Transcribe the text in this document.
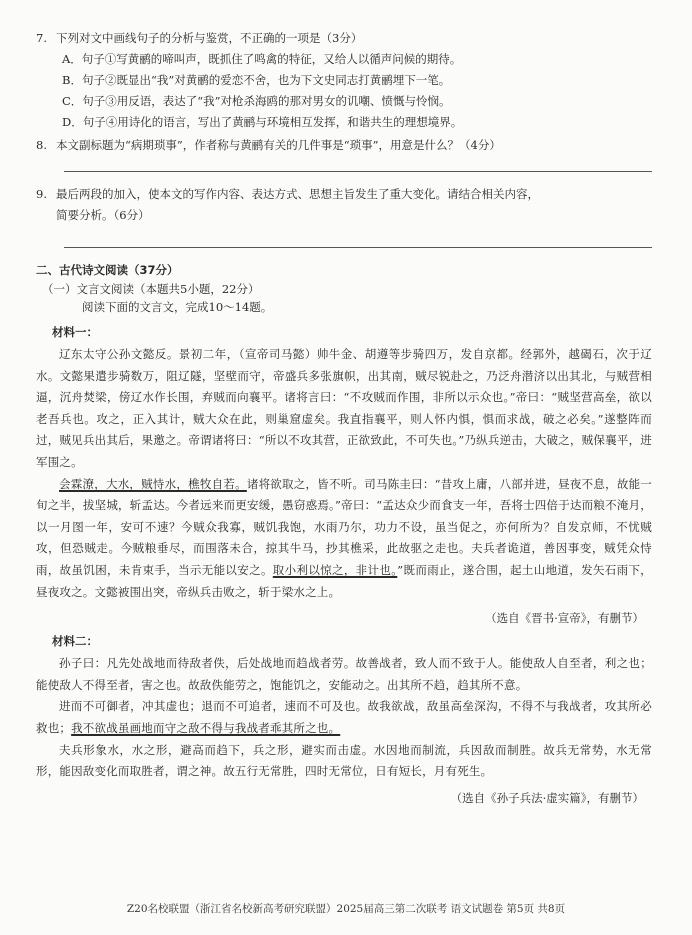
7. 下列对文中画线句子的分析与鉴赏，不正确的一项是（3分）
A．句子①写黄鹂的啼叫声，既抓住了鸣禽的特征，又给人以循声问候的期待。
B．句子②既显出“我”对黄鹂的爱恋不舍，也为下文史同志打黄鹂埋下一笔。
C．句子③用反语，表达了“我”对枪杀海鸥的那对男女的讥嘲、愤慨与怜悯。
D．句子④用诗化的语言，写出了黄鹂与环境相互发挥，和谐共生的理想境界。
8. 本文副标题为“病期琐事”，作者称与黄鹂有关的几件事是“琐事”，用意是什么？（4分）
9. 最后两段的加入，使本文的写作内容、表达方式、思想主旨发生了重大变化。请结合相关内容，
简要分析。（6分）
二、古代诗文阅读（37分）
（一）文言文阅读（本题共5小题，22分）
阅读下面的文言文，完成10～14题。
材料一：

辽东太守公孙文懿反。景初二年，（宣帝司马懿）帅牛金、胡遵等步骑四万，发自京都。经郭外，越碣石，次于辽水。文懿果遣步骑数万，阻辽隧，坚壁而守，帝盛兵多张旗帜，出其南，贼尽锐赴之，乃泛舟潜济以出其北，与贼营相逼，沉舟焚梁，傍辽水作长围，弃贼而向襄平。诸将言曰：“不攻贼而作围，非所以示众也。”帝曰：“贼坚营高垒，欲以老吾兵也。攻之，正入其计，贼大众在此，则巢窟虚矣。我直指襄平，则人怀内惧，惧而求战，破之必矣。”遂整阵而过，贼见兵出其后，果邀之。帝谓诸将曰：“所以不攻其营，正欲致此，不可失也。”乃纵兵逆击，大破之，贼保襄平，进军围之。

会霖潦，大水，贼恃水，樵牧自若。诸将欲取之，皆不听。司马陈圭曰：“昔攻上庸，八部并进，昼夜不息，故能一旬之半，拔坚城，斩孟达。今者远来而更安缓，愚窃惑焉。”帝曰：“孟达众少而食支一年，吾将士四倍于达而粮不淹月，以一月图一年，安可不速？今贼众我寡，贼饥我饱，水雨乃尔，功力不设，虽当促之，亦何所为？自发京师，不忧贼攻，但恐贼走。今贼粮垂尽，而围落未合，掠其牛马，抄其樵采，此故驱之走也。夫兵者诡道，善因事变，贼凭众恃雨，故虽饥困，未肯束手，当示无能以安之。取小利以惊之，非计也。”既而雨止，遂合围，起土山地道，发矢石雨下，昼夜攻之。文懿被围出突，帝纵兵击败之，斩于梁水之上。

（选自《晋书·宣帝》，有删节）
材料二：

孙子曰：凡先处战地而待敌者佚，后处战地而趋战者劳。故善战者，致人而不致于人。能使敌人自至者，利之也；能使敌人不得至者，害之也。故敌佚能劳之，饱能饥之，安能动之。出其所不趋，趋其所不意。

进而不可御者，冲其虚也；退而不可追者，速而不可及也。故我欲战，敌虽高垒深沟，不得不与我战者，攻其所必救也；我不欲战虽画地而守之敌不得与我战者乖其所之也。

夫兵形象水，水之形，避高而趋下，兵之形，避实而击虚。水因地而制流，兵因敌而制胜。故兵无常势，水无常形，能因敌变化而取胜者，谓之神。故五行无常胜，四时无常位，日有短长，月有死生。

（选自《孙子兵法·虚实篇》，有删节）
Z20名校联盟（浙江省名校新高考研究联盟）2025届高三第二次联考 语文试题卷 第5页 共8页
